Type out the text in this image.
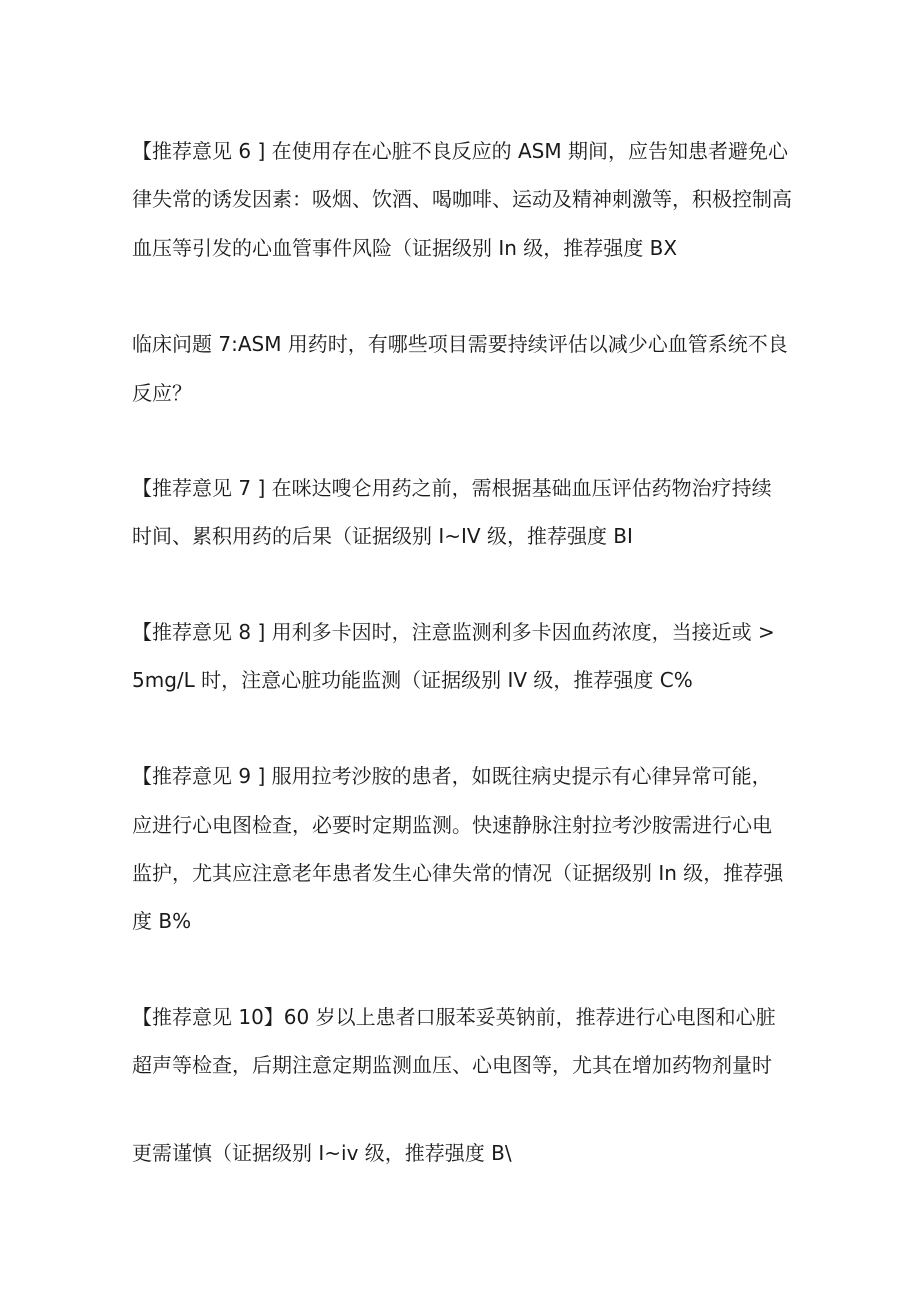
【推荐意见 6 ] 在使用存在心脏不良反应的 ASM 期间，应告知患者避免心
律失常的诱发因素：吸烟、饮酒、喝咖啡、运动及精神刺激等，积极控制高
血压等引发的心血管事件风险（证据级别 In 级，推荐强度 BX
临床问题 7:ASM 用药时，有哪些项目需要持续评估以减少心血管系统不良
反应？
【推荐意见 7 ] 在咪达嗖仑用药之前，需根据基础血压评估药物治疗持续
时间、累积用药的后果（证据级别 I~IV 级，推荐强度 BI
【推荐意见 8 ] 用利多卡因时，注意监测利多卡因血药浓度，当接近或 >
5mg/L 时，注意心脏功能监测（证据级别 IV 级，推荐强度 C%
【推荐意见 9 ] 服用拉考沙胺的患者，如既往病史提示有心律异常可能，
应进行心电图检查，必要时定期监测。快速静脉注射拉考沙胺需进行心电
监护，尤其应注意老年患者发生心律失常的情况（证据级别 In 级，推荐强
度 B%
【推荐意见 10】60 岁以上患者口服苯妥英钠前，推荐进行心电图和心脏
超声等检查，后期注意定期监测血压、心电图等，尤其在增加药物剂量时
更需谨慎（证据级别 I~iv 级，推荐强度 B\
